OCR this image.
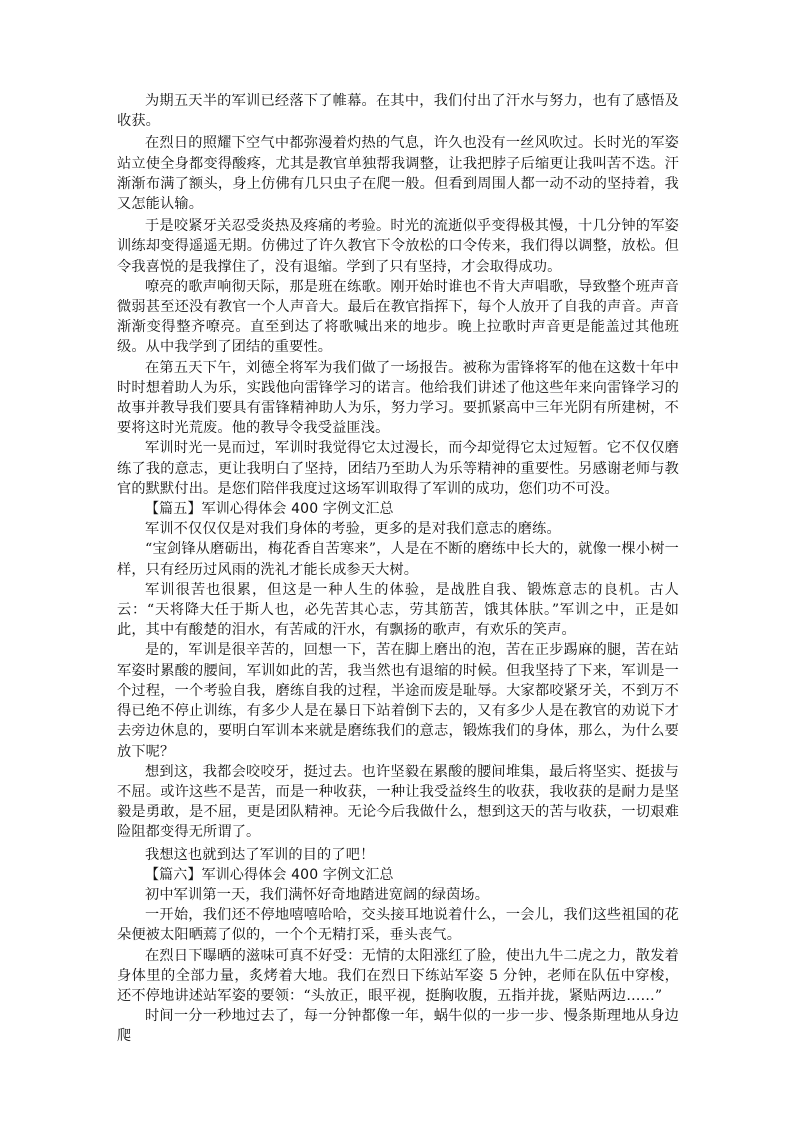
为期五天半的军训已经落下了帷幕。在其中，我们付出了汗水与努力，也有了感悟及收获。

在烈日的照耀下空气中都弥漫着灼热的气息，许久也没有一丝风吹过。长时光的军姿站立使全身都变得酸疼，尤其是教官单独帮我调整，让我把脖子后缩更让我叫苦不迭。汗渐渐布满了额头，身上仿佛有几只虫子在爬一般。但看到周围人都一动不动的坚持着，我又怎能认输。

于是咬紧牙关忍受炎热及疼痛的考验。时光的流逝似乎变得极其慢，十几分钟的军姿训练却变得遥遥无期。仿佛过了许久教官下令放松的口令传来，我们得以调整，放松。但令我喜悦的是我撑住了，没有退缩。学到了只有坚持，才会取得成功。

嘹亮的歌声响彻天际，那是班在练歌。刚开始时谁也不肯大声唱歌，导致整个班声音微弱甚至还没有教官一个人声音大。最后在教官指挥下，每个人放开了自我的声音。声音渐渐变得整齐嘹亮。直至到达了将歌喊出来的地步。晚上拉歌时声音更是能盖过其他班级。从中我学到了团结的重要性。

在第五天下午，刘德全将军为我们做了一场报告。被称为雷锋将军的他在这数十年中时时想着助人为乐，实践他向雷锋学习的诺言。他给我们讲述了他这些年来向雷锋学习的故事并教导我们要具有雷锋精神助人为乐，努力学习。要抓紧高中三年光阴有所建树，不要将这时光荒废。他的教导令我受益匪浅。

军训时光一晃而过，军训时我觉得它太过漫长，而今却觉得它太过短暂。它不仅仅磨练了我的意志，更让我明白了坚持，团结乃至助人为乐等精神的重要性。另感谢老师与教官的默默付出。是您们陪伴我度过这场军训取得了军训的成功，您们功不可没。

【篇五】军训心得体会 400 字例文汇总

军训不仅仅仅是对我们身体的考验，更多的是对我们意志的磨练。

“宝剑锋从磨砺出，梅花香自苦寒来”，人是在不断的磨练中长大的，就像一棵小树一样，只有经历过风雨的洗礼才能长成参天大树。

军训很苦也很累，但这是一种人生的体验，是战胜自我、锻炼意志的良机。古人云：“天将降大任于斯人也，必先苦其心志，劳其筋苦，饿其体肤。”军训之中，正是如此，其中有酸楚的泪水，有苦咸的汗水，有飘扬的歌声，有欢乐的笑声。

是的，军训是很辛苦的，回想一下，苦在脚上磨出的泡，苦在正步踢麻的腿，苦在站军姿时累酸的腰间，军训如此的苦，我当然也有退缩的时候。但我坚持了下来，军训是一个过程，一个考验自我，磨练自我的过程，半途而废是耻辱。大家都咬紧牙关，不到万不得已绝不停止训练，有多少人是在暴日下站着倒下去的，又有多少人是在教官的劝说下才去旁边休息的，要明白军训本来就是磨练我们的意志，锻炼我们的身体，那么，为什么要放下呢？

想到这，我都会咬咬牙，挺过去。也许坚毅在累酸的腰间堆集，最后将坚实、挺拔与不屈。或许这些不是苦，而是一种收获，一种让我受益终生的收获，我收获的是耐力是坚毅是勇敢，是不屈，更是团队精神。无论今后我做什么，想到这天的苦与收获，一切艰难险阻都变得无所谓了。

我想这也就到达了军训的目的了吧！

【篇六】军训心得体会 400 字例文汇总

初中军训第一天，我们满怀好奇地踏进宽阔的绿茵场。

一开始，我们还不停地嘻嘻哈哈，交头接耳地说着什么，一会儿，我们这些祖国的花朵便被太阳晒蔫了似的，一个个无精打采，垂头丧气。

在烈日下曝晒的滋味可真不好受：无情的太阳涨红了脸，使出九牛二虎之力，散发着身体里的全部力量，炙烤着大地。我们在烈日下练站军姿 5 分钟，老师在队伍中穿梭，还不停地讲述站军姿的要领：“头放正，眼平视，挺胸收腹，五指并拢，紧贴两边……”

时间一分一秒地过去了，每一分钟都像一年，蜗牛似的一步一步、慢条斯理地从身边爬
